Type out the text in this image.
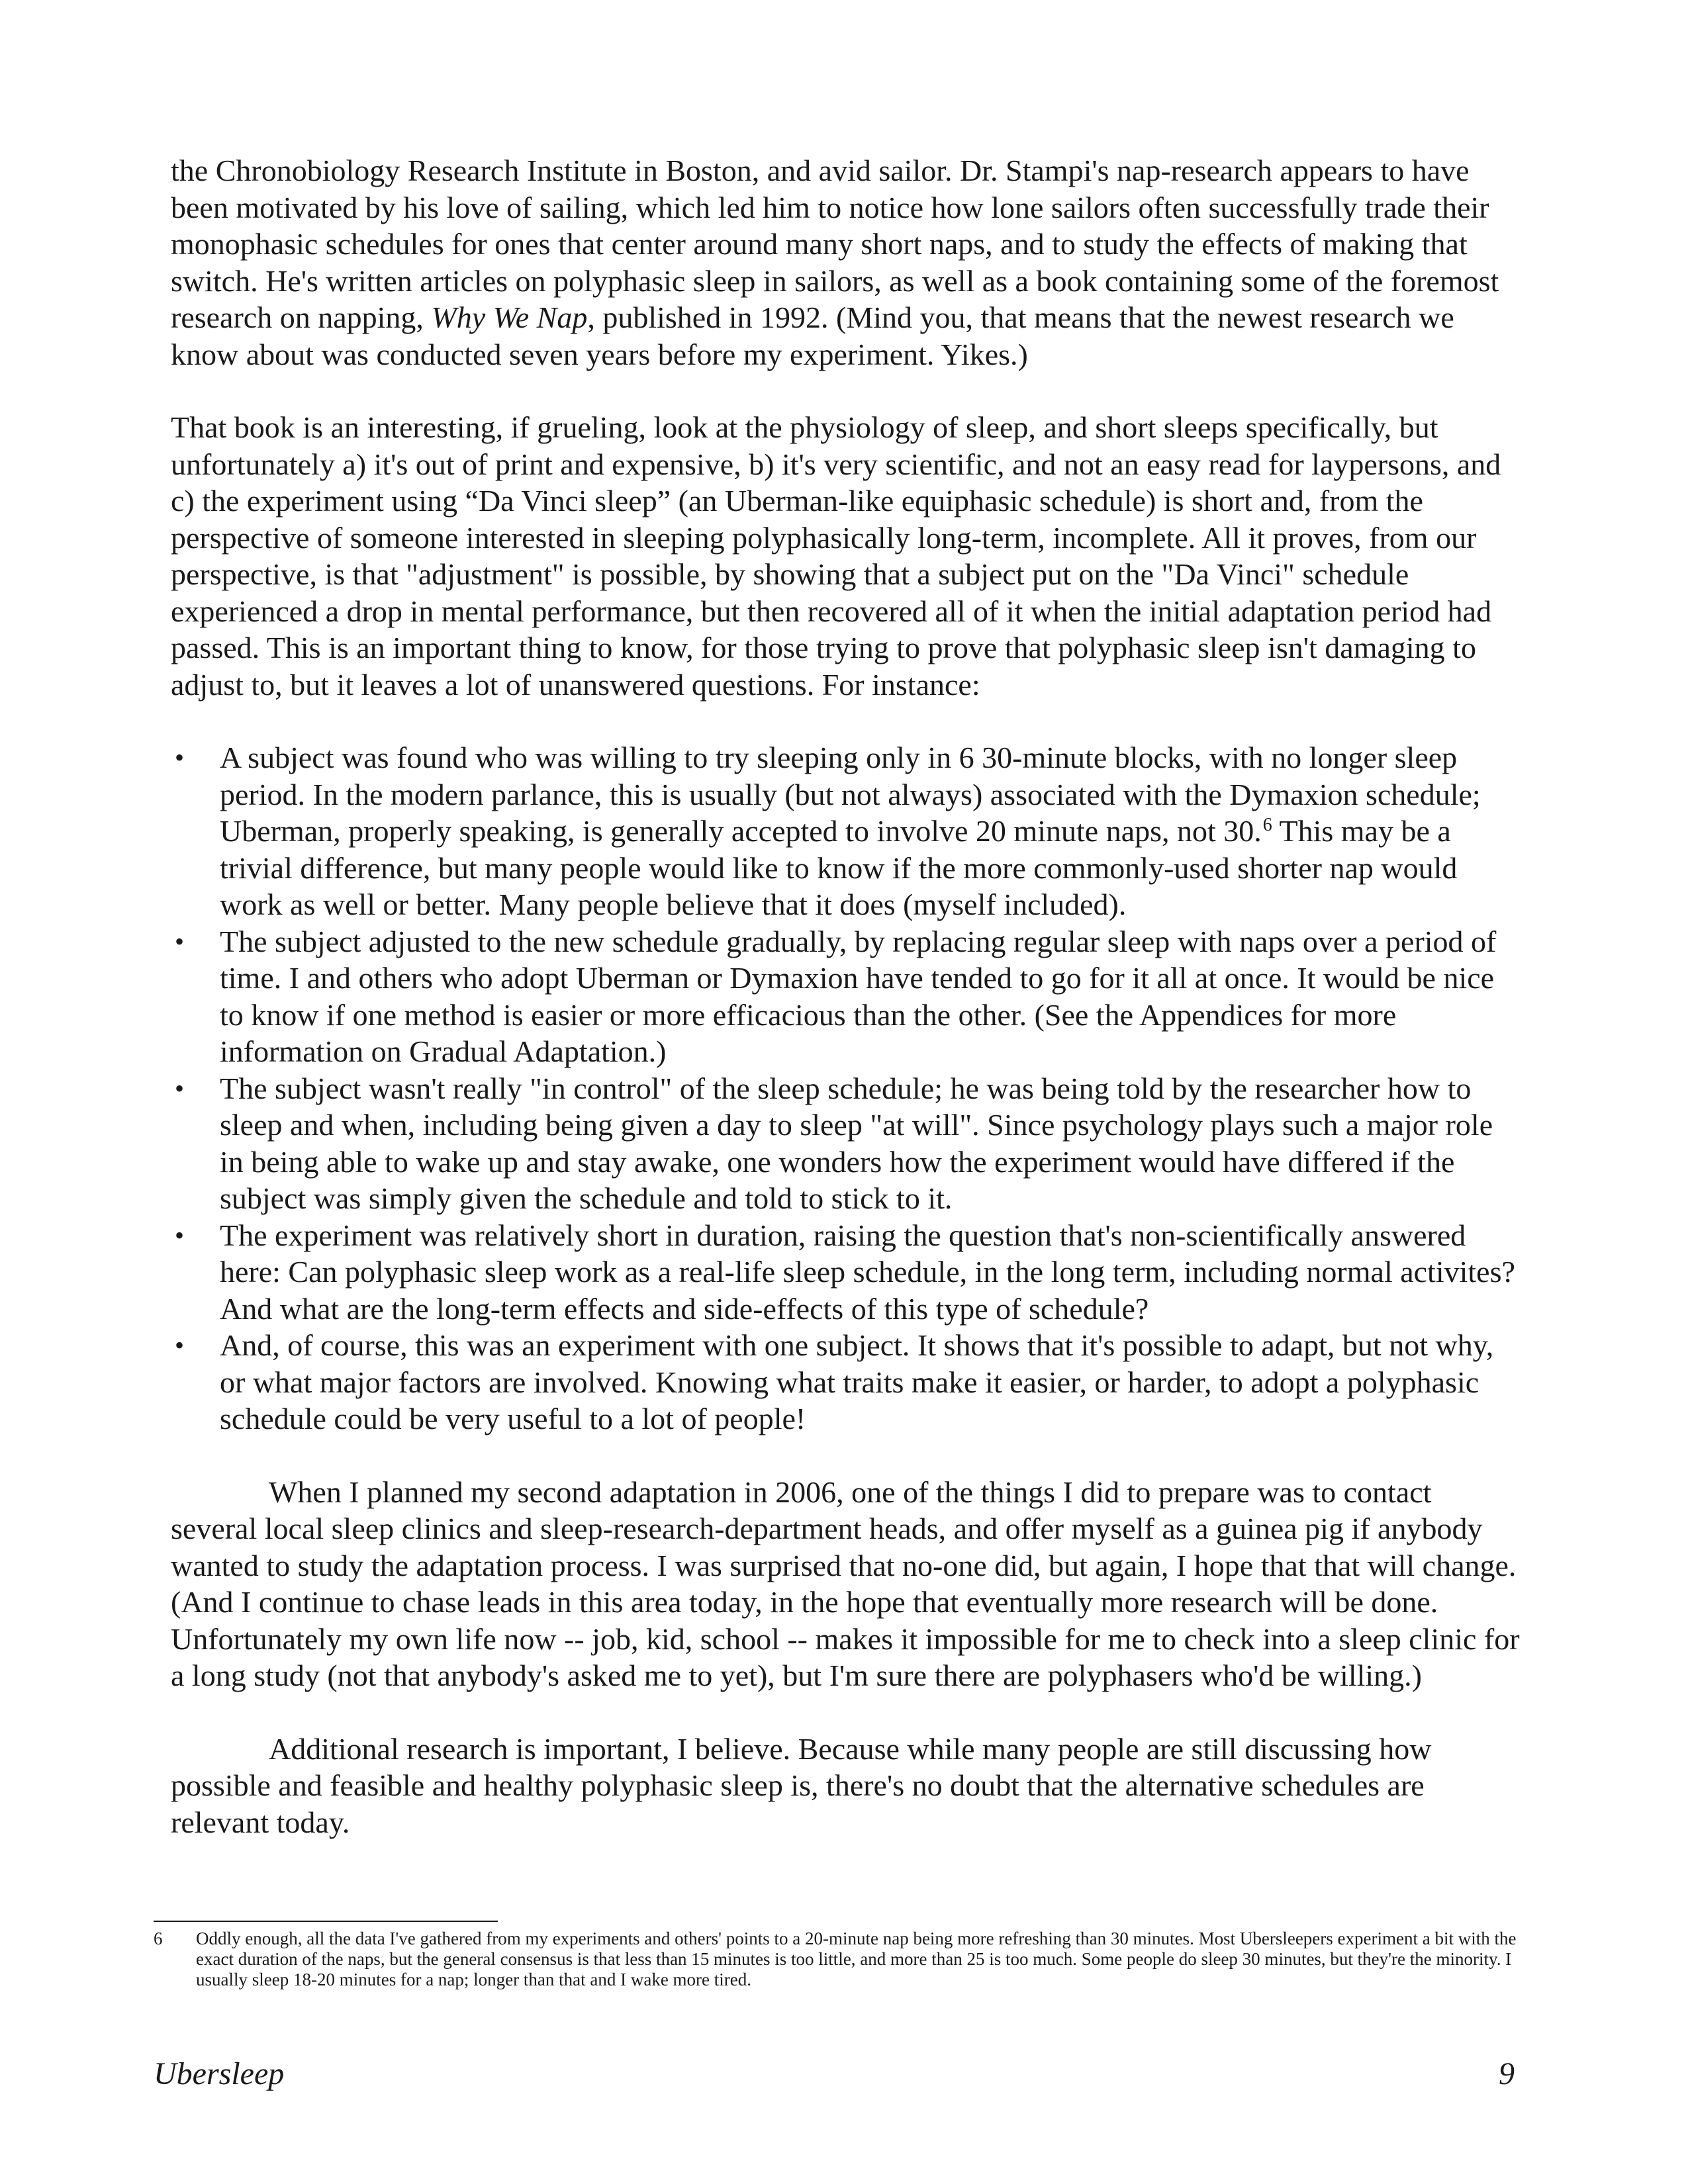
the Chronobiology Research Institute in Boston, and avid sailor. Dr. Stampi's nap-research appears to have been motivated by his love of sailing, which led him to notice how lone sailors often successfully trade their monophasic schedules for ones that center around many short naps, and to study the effects of making that switch. He's written articles on polyphasic sleep in sailors, as well as a book containing some of the foremost research on napping, Why We Nap, published in 1992. (Mind you, that means that the newest research we know about was conducted seven years before my experiment. Yikes.)

That book is an interesting, if grueling, look at the physiology of sleep, and short sleeps specifically, but unfortunately a) it's out of print and expensive, b) it's very scientific, and not an easy read for laypersons, and c) the experiment using “Da Vinci sleep” (an Uberman-like equiphasic schedule) is short and, from the perspective of someone interested in sleeping polyphasically long-term, incomplete. All it proves, from our perspective, is that "adjustment" is possible, by showing that a subject put on the "Da Vinci" schedule experienced a drop in mental performance, but then recovered all of it when the initial adaptation period had passed. This is an important thing to know, for those trying to prove that polyphasic sleep isn't damaging to adjust to, but it leaves a lot of unanswered questions. For instance:

• A subject was found who was willing to try sleeping only in 6 30-minute blocks, with no longer sleep period. In the modern parlance, this is usually (but not always) associated with the Dymaxion schedule; Uberman, properly speaking, is generally accepted to involve 20 minute naps, not 30.$^6$ This may be a trivial difference, but many people would like to know if the more commonly-used shorter nap would work as well or better. Many people believe that it does (myself included).
• The subject adjusted to the new schedule gradually, by replacing regular sleep with naps over a period of time. I and others who adopt Uberman or Dymaxion have tended to go for it all at once. It would be nice to know if one method is easier or more efficacious than the other. (See the Appendices for more information on Gradual Adaptation.)
• The subject wasn't really "in control" of the sleep schedule; he was being told by the researcher how to sleep and when, including being given a day to sleep "at will". Since psychology plays such a major role in being able to wake up and stay awake, one wonders how the experiment would have differed if the subject was simply given the schedule and told to stick to it.
• The experiment was relatively short in duration, raising the question that's non-scientifically answered here: Can polyphasic sleep work as a real-life sleep schedule, in the long term, including normal activites? And what are the long-term effects and side-effects of this type of schedule?
• And, of course, this was an experiment with one subject. It shows that it's possible to adapt, but not why, or what major factors are involved. Knowing what traits make it easier, or harder, to adopt a polyphasic schedule could be very useful to a lot of people!

When I planned my second adaptation in 2006, one of the things I did to prepare was to contact several local sleep clinics and sleep-research-department heads, and offer myself as a guinea pig if anybody wanted to study the adaptation process. I was surprised that no-one did, but again, I hope that that will change. (And I continue to chase leads in this area today, in the hope that eventually more research will be done. Unfortunately my own life now -- job, kid, school -- makes it impossible for me to check into a sleep clinic for a long study (not that anybody's asked me to yet), but I'm sure there are polyphasers who'd be willing.)

Additional research is important, I believe. Because while many people are still discussing how possible and feasible and healthy polyphasic sleep is, there's no doubt that the alternative schedules are relevant today.

6 Oddly enough, all the data I've gathered from my experiments and others' points to a 20-minute nap being more refreshing than 30 minutes. Most Ubersleepers experiment a bit with the exact duration of the naps, but the general consensus is that less than 15 minutes is too little, and more than 25 is too much. Some people do sleep 30 minutes, but they're the minority. I usually sleep 18-20 minutes for a nap; longer than that and I wake more tired.
Ubersleep	9
